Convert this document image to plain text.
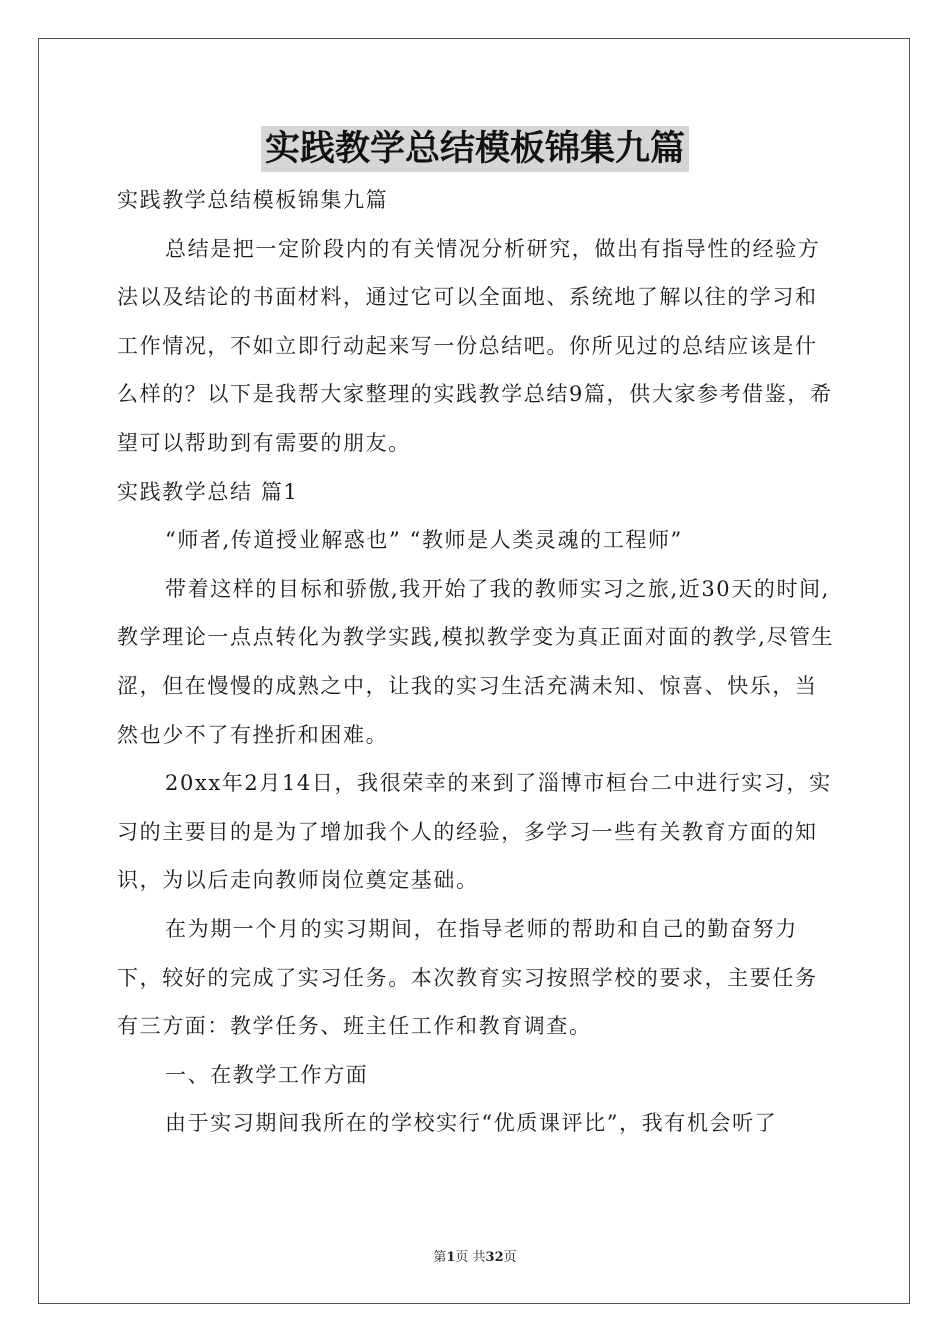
实践教学总结模板锦集九篇

实践教学总结模板锦集九篇

总结是把一定阶段内的有关情况分析研究，做出有指导性的经验方法以及结论的书面材料，通过它可以全面地、系统地了解以往的学习和工作情况，不如立即行动起来写一份总结吧。你所见过的总结应该是什么样的？以下是我帮大家整理的实践教学总结9篇，供大家参考借鉴，希望可以帮助到有需要的朋友。

实践教学总结 篇1

“师者,传道授业解惑也” “教师是人类灵魂的工程师”

带着这样的目标和骄傲,我开始了我的教师实习之旅,近30天的时间,教学理论一点点转化为教学实践,模拟教学变为真正面对面的教学,尽管生涩，但在慢慢的成熟之中，让我的实习生活充满未知、惊喜、快乐，当然也少不了有挫折和困难。

20xx年2月14日，我很荣幸的来到了淄博市桓台二中进行实习，实习的主要目的是为了增加我个人的经验，多学习一些有关教育方面的知识，为以后走向教师岗位奠定基础。

在为期一个月的实习期间，在指导老师的帮助和自己的勤奋努力下，较好的完成了实习任务。本次教育实习按照学校的要求，主要任务有三方面：教学任务、班主任工作和教育调查。

一、在教学工作方面

由于实习期间我所在的学校实行“优质课评比”，我有机会听了

第1页 共32页
